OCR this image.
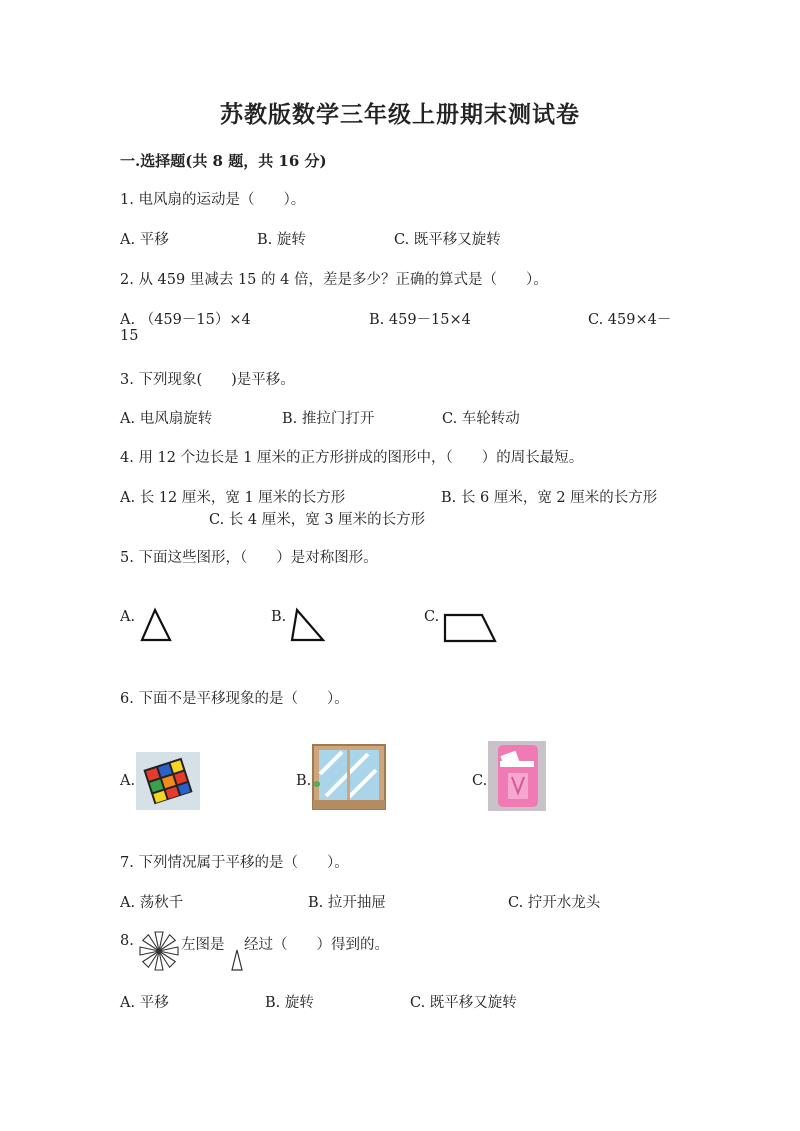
苏教版数学三年级上册期末测试卷
一.选择题(共 8 题，共 16 分)
1. 电风扇的运动是（　　）。
A. 平移	B. 旋转	C. 既平移又旋转
2. 从 459 里减去 15 的 4 倍，差是多少？正确的算式是（　　）。
A. （459－15）×4	B. 459－15×4	C. 459×4－
15
3. 下列现象(　　)是平移。
A. 电风扇旋转	B. 推拉门打开	C. 车轮转动
4. 用 12 个边长是 1 厘米的正方形拼成的图形中，（　　）的周长最短。
A. 长 12 厘米，宽 1 厘米的长方形	B. 长 6 厘米，宽 2 厘米的长方形
C. 长 4 厘米，宽 3 厘米的长方形
5. 下面这些图形，（　　）是对称图形。
A.	B.	C.
6. 下面不是平移现象的是（　　）。
A.	B.	C.
7. 下列情况属于平移的是（　　）。
A. 荡秋千	B. 拉开抽屉	C. 拧开水龙头
8.	左图是 经过（　　）得到的。
A. 平移	B. 旋转	C. 既平移又旋转
